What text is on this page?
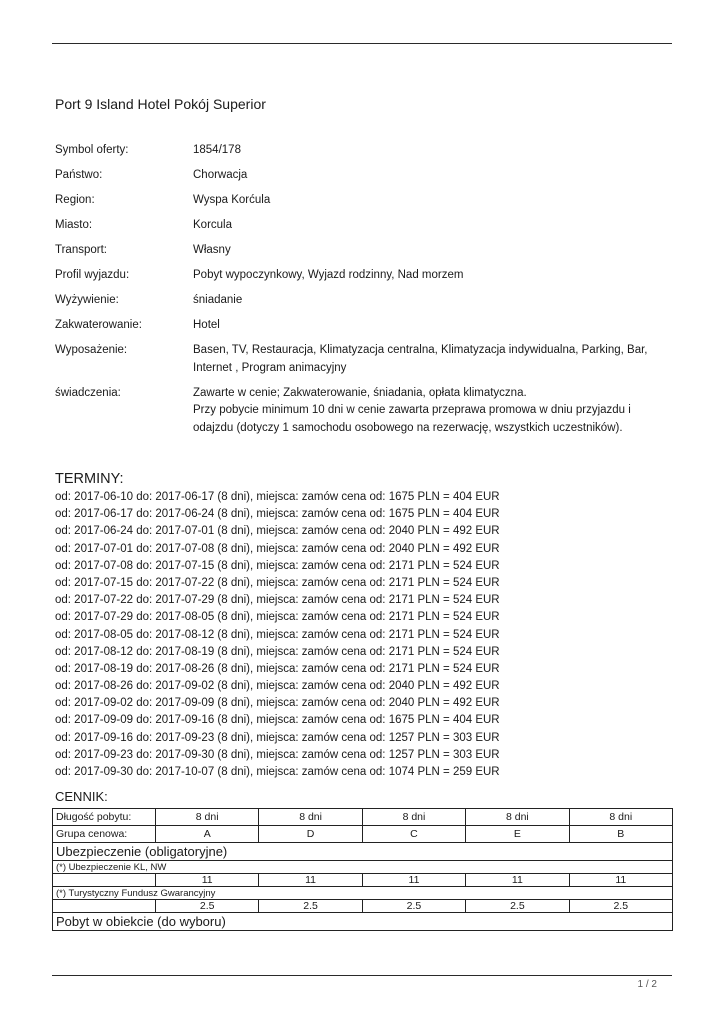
Port 9 Island Hotel Pokój Superior
Symbol oferty:	1854/178

Państwo:	Chorwacja

Region:	Wyspa Korćula

Miasto:	Korcula

Transport:	Własny

Profil wyjazdu:	Pobyt wypoczynkowy, Wyjazd rodzinny, Nad morzem

Wyżywienie:	śniadanie

Zakwaterowanie:	Hotel

Wyposażenie:	Basen, TV, Restauracja, Klimatyzacja centralna, Klimatyzacja indywidualna, Parking, Bar, Internet , Program animacyjny

świadczenia:	Zawarte w cenie; Zakwaterowanie, śniadania, opłata klimatyczna.

Przy pobycie minimum 10 dni w cenie zawarta przeprawa promowa w dniu przyjazdu i odajzdu (dotyczy 1 samochodu osobowego na rezerwację, wszystkich uczestników).

TERMINY:
od: 2017-06-10 do: 2017-06-17 (8 dni), miejsca: zamów cena od: 1675 PLN = 404 EUR
od: 2017-06-17 do: 2017-06-24 (8 dni), miejsca: zamów cena od: 1675 PLN = 404 EUR
od: 2017-06-24 do: 2017-07-01 (8 dni), miejsca: zamów cena od: 2040 PLN = 492 EUR
od: 2017-07-01 do: 2017-07-08 (8 dni), miejsca: zamów cena od: 2040 PLN = 492 EUR
od: 2017-07-08 do: 2017-07-15 (8 dni), miejsca: zamów cena od: 2171 PLN = 524 EUR
od: 2017-07-15 do: 2017-07-22 (8 dni), miejsca: zamów cena od: 2171 PLN = 524 EUR
od: 2017-07-22 do: 2017-07-29 (8 dni), miejsca: zamów cena od: 2171 PLN = 524 EUR
od: 2017-07-29 do: 2017-08-05 (8 dni), miejsca: zamów cena od: 2171 PLN = 524 EUR
od: 2017-08-05 do: 2017-08-12 (8 dni), miejsca: zamów cena od: 2171 PLN = 524 EUR
od: 2017-08-12 do: 2017-08-19 (8 dni), miejsca: zamów cena od: 2171 PLN = 524 EUR
od: 2017-08-19 do: 2017-08-26 (8 dni), miejsca: zamów cena od: 2171 PLN = 524 EUR
od: 2017-08-26 do: 2017-09-02 (8 dni), miejsca: zamów cena od: 2040 PLN = 492 EUR
od: 2017-09-02 do: 2017-09-09 (8 dni), miejsca: zamów cena od: 2040 PLN = 492 EUR
od: 2017-09-09 do: 2017-09-16 (8 dni), miejsca: zamów cena od: 1675 PLN = 404 EUR
od: 2017-09-16 do: 2017-09-23 (8 dni), miejsca: zamów cena od: 1257 PLN = 303 EUR
od: 2017-09-23 do: 2017-09-30 (8 dni), miejsca: zamów cena od: 1257 PLN = 303 EUR
od: 2017-09-30 do: 2017-10-07 (8 dni), miejsca: zamów cena od: 1074 PLN = 259 EUR
CENNIK:
Długość pobytu:	8 dni	8 dni	8 dni	8 dni	8 dni
Grupa cenowa:	A	D	C	E	B
Ubezpieczenie (obligatoryjne)					
(*) Ubezpieczenie KL, NW					
	11	11	11	11	11
(*) Turystyczny Fundusz Gwarancyjny					
	2.5	2.5	2.5	2.5	2.5
Pobyt w obiekcie (do wyboru)					
1 / 2
